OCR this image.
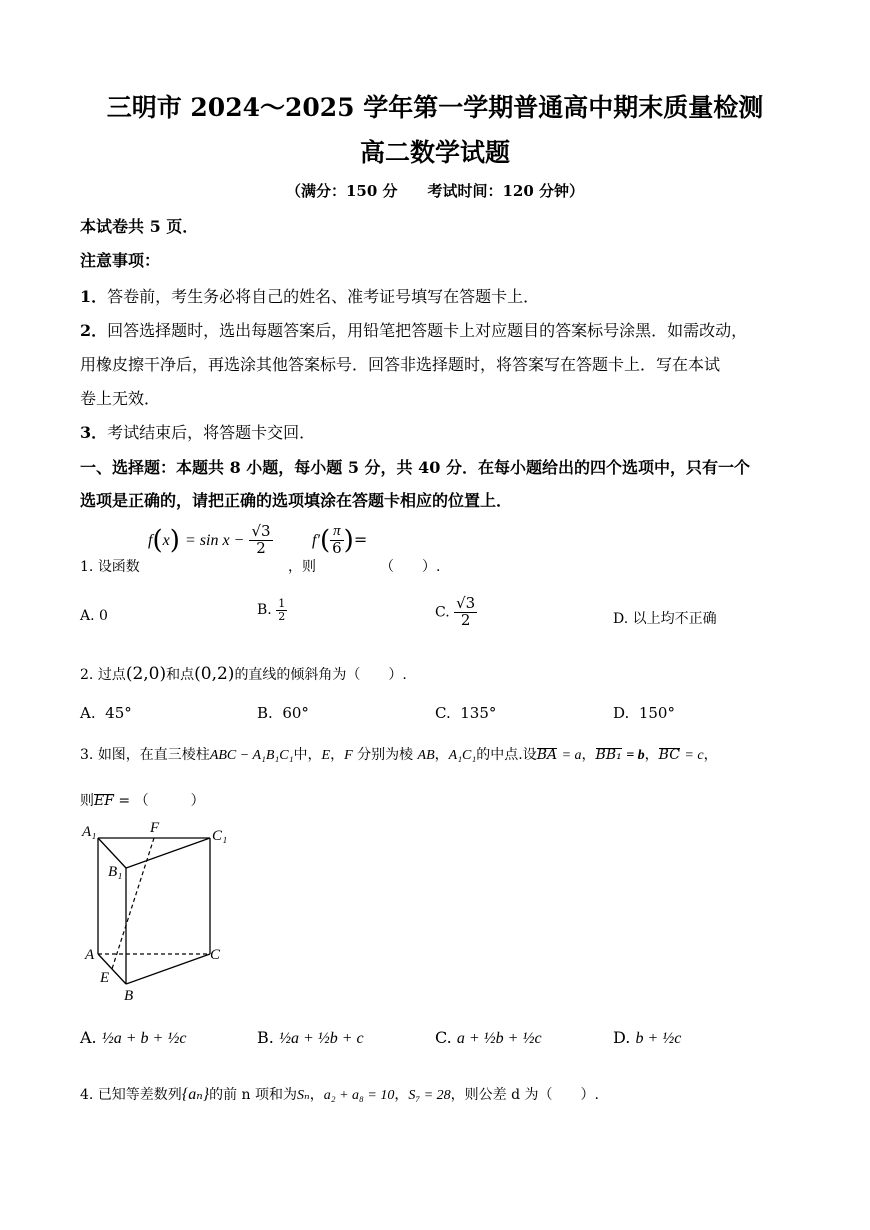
三明市 2024～2025 学年第一学期普通高中期末质量检测
高二数学试题
（满分：150 分　　考试时间：120 分钟）
本试卷共 5 页．
注意事项：
1．答卷前，考生务必将自己的姓名、准考证号填写在答题卡上．
2．回答选择题时，选出每题答案后，用铅笔把答题卡上对应题目的答案标号涂黑．如需改动，
用橡皮擦干净后，再选涂其他答案标号．回答非选择题时，将答案写在答题卡上．写在本试
卷上无效．
3．考试结束后，将答题卡交回．
一、选择题：本题共 8 小题，每小题 5 分，共 40 分．在每小题给出的四个选项中，只有一个
选项是正确的，请把正确的选项填涂在答题卡相应的位置上．
1. 设函数
$f(x) = \sin x - \frac{√3}{2}$
，则
$f'( \frac{\pi}{6}$ )=
（　　）.
A. 0	B. $\frac{1}{2}$	C. $\frac{√3}{2}$	D. 以上均不正确
2. 过点(2,0)和点(0,2)的直线的倾斜角为（　　）.
A. 45°	B. 60°	C. 135°	D. 150°
3. 如图，在直三棱柱ABC − A₁B₁C₁中，E，F 分别为棱 AB，A₁C₁的中点.设BA = a，BB₁ = b，BC = c，
则EF = （　　　）
A₁	F	C₁
B₁
A	C
E
B
A. ½a + b + ½c	B. ½a + ½b + c	C. a + ½b + ½c	D. b + ½c
4. 已知等差数列{aₙ}的前 n 项和为Sₙ，a₂ + a₈ = 10，S₇ = 28，则公差 d 为（　　）.
